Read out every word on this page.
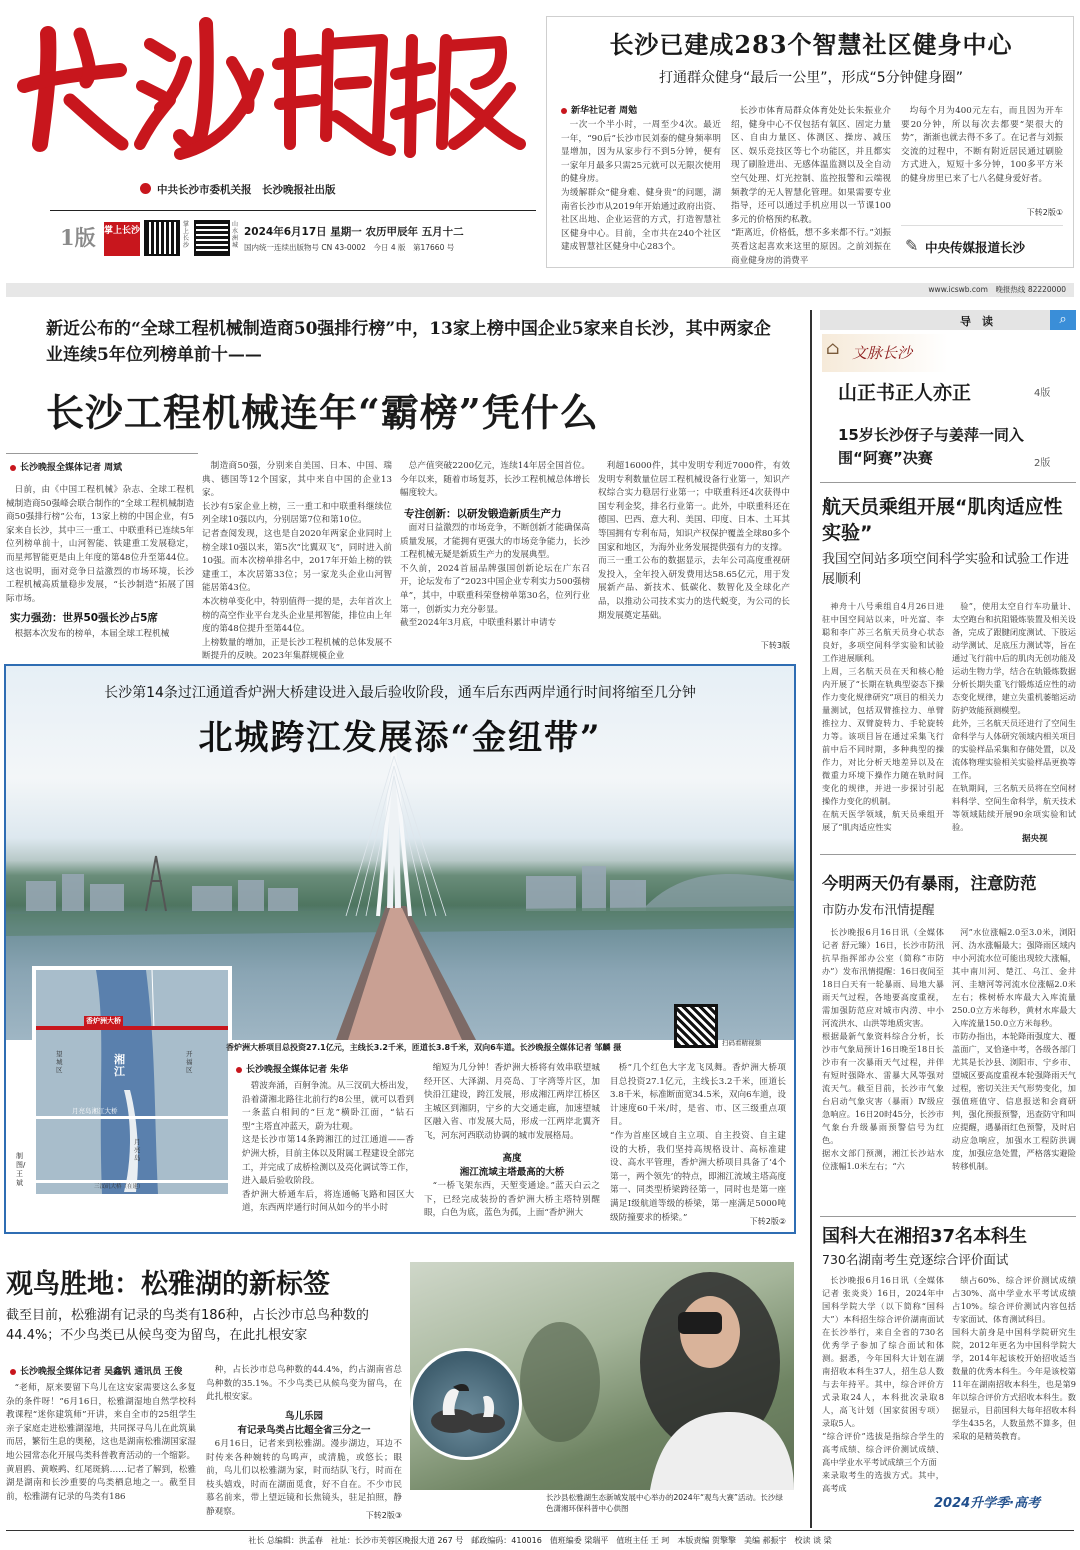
中共长沙市委机关报　长沙晚报社出版
1版 掌上长沙
掌上长沙
山水洲城
2024年6月17日 星期一 农历甲辰年 五月十二
国内统一连续出版物号 CN 43-0002　今日 4 版　第17660 号
长沙已建成283个智慧社区健身中心
打通群众健身“最后一公里”，形成“5分钟健身圈”
新华社记者 周勉
一次一个半小时，一周至少4次。最近一年，“90后”长沙市民刘泰的健身频率明显增加，因为从家步行不到5分钟，便有一家年月最多只需25元就可以无限次使用的健身房。
为缓解群众“健身难、健身贵”的问题，湖南省长沙市从2019年开始通过政府出资、社区出地、企业运营的方式，打造智慧社区健身中心。目前，全市共在240个社区建成智慧社区健身中心283个。
长沙市体育局群众体育处处长朱振业介绍，健身中心不仅包括有氧区、固定力量区、自由力量区、体测区、操房、减压区、娱乐竞技区等七个功能区，并且都实现了刷脸进出、无感体温监测以及全自动空气处理、灯光控制、监控报警和云端视频教学的无人智慧化管理。如果需要专业指导，还可以通过手机应用以一节课100多元的价格预约私教。
“距离近，价格低，想不多来都不行。”刘振英看这起喜欢来这里的原因。之前刘振在商业健身房的消费平
均每个月为400元左右，而且因为开车要20分钟，所以每次去都要“架很大的势”，渐渐也就去得不多了。在记者与刘振交流的过程中，不断有附近居民通过刷脸方式进入，短短十多分钟，100多平方米的健身房里已来了七八名健身爱好者。
下转2版①
✎ 中央传媒报道长沙
www.icswb.com　 晚报热线 82220000
新近公布的“全球工程机械制造商50强排行榜”中，13家上榜中国企业5家来自长沙，其中两家企业连续5年位列榜单前十——
长沙工程机械连年“霸榜”凭什么
长沙晚报全媒体记者 周斌
日前，由《中国工程机械》杂志、全球工程机械制造商50强峰会联合制作的“全球工程机械制造商50强排行榜”公布，13家上榜的中国企业，有5家来自长沙，其中三一重工、中联重科已连续5年位列榜单前十，山河智能、铁建重工发展稳定，而星邦智能更是由上年度的第48位升至第44位。这也说明，面对竞争日益激烈的市场环境，长沙工程机械高质量稳步发展，“长沙制造”拓展了国际市场。
实力强劲：世界50强长沙占5席
根据本次发布的榜单，本届全球工程机械
制造商50强，分别来自美国、日本、中国、瑞典、德国等12个国家，其中来自中国的企业13家。
长沙有5家企业上榜，三一重工和中联重科继续位列全球10强以内，分别居第7位和第10位。
记者查阅发现，这也是自2020年两家企业同时上榜全球10强以来，第5次“比翼双飞”，同时进入前10强。而本次榜单排名中，2017年开始上榜的铁建重工，本次居第33位；另一家龙头企业山河智能居第43位。
本次榜单变化中，特别值得一提的是，去年首次上榜的高空作业平台龙头企业星邦智能，排位由上年度的第48位提升至第44位。
上榜数量的增加，正是长沙工程机械的总体发展不断提升的反映。2023年集群规模企业
总产值突破2200亿元，连续14年居全国首位。今年以来，随着市场复苏，长沙工程机械总体增长幅度较大。
专注创新：以研发锻造新质生产力
面对日益激烈的市场竞争，不断创新才能确保高质量发展，才能拥有更强大的市场竞争能力，长沙工程机械无疑是新质生产力的发展典型。
不久前，2024首届品牌强国创新论坛在广东召开，论坛发布了“2023中国企业专利实力500强榜单”，其中，中联重科荣登榜单第30名，位列行业第一，创新实力充分彰显。
截至2024年3月底，中联重科累计申请专
利超16000件，其中发明专利近7000件，有效发明专利数量位居工程机械设备行业第一，知识产权综合实力稳居行业第一；中联重科还4次获得中国专利金奖，排名行业第一。此外，中联重科还在德国、巴西、意大利、美国、印度、日本、土耳其等国拥有专利布局，知识产权保护覆盖全球80多个国家和地区，为海外业务发展提供强有力的支撑。
而三一重工公布的数据显示，去年公司高度重视研发投入，全年投入研发费用达58.65亿元，用于发展新产品、新技术、低碳化、数智化及全球化产品，以推动公司技术实力的迭代蜕变，为公司的长期发展奠定基础。
下转3版
长沙第14条过江通道香炉洲大桥建设进入最后验收阶段，通车后东西两岸通行时间将缩至几分钟
北城跨江发展添“金纽带”
香炉洲大桥
湘江
月亮岛湘江大桥
月亮岛
开福区
望城区
三汊矶大桥（在建）
制图/王斌
扫码看精视频
香炉洲大桥项目总投资27.1亿元，主线长3.2千米，匝道长3.8千米，双向6车道。长沙晚报全媒体记者 邹麟 摄
长沙晚报全媒体记者 朱华
碧波奔涌，百舸争流。从三汊矶大桥出发，沿着潇湘北路往北前行约8公里，就可以看到一条蓝白相间的“巨龙”横卧江面，“钻石型”主塔直冲蓝天，蔚为壮观。
这是长沙市第14条跨湘江的过江通道——香炉洲大桥，目前主体以及附属工程建设全部完工，并完成了成桥检测以及亮化调试等工作，进入最后验收阶段。
香炉洲大桥通车后，将连通畅飞路和园区大道，东西两岸通行时间从如今的半小时
缩短为几分钟！香炉洲大桥将有效串联望城经开区、大泽湖、月亮岛、丁字湾等片区，加快沿江建设，跨江发展，形成湘江两岸江桥区主城区到湘阴，宁乡的大交通走廊，加速望城区融入省、市发展大局，形成一江两岸北翼齐飞，河东河西联动协调的城市发展格局。
高度
湘江流域主塔最高的大桥
“一桥飞架东西，天堑变通途。”蓝天白云之下，已经完成装扮的香炉洲大桥主塔特别醒眼，白色为底，蓝色为孤，上面“香炉洲大
桥”几个红色大字龙飞凤舞。香炉洲大桥项目总投资27.1亿元，主线长3.2千米，匝道长3.8千米，标准断面宽34.5米，双向6车道，设计速度60千米/时，是省、市、区三级重点项目。
“作为首座区域自主立项、自主投资、自主建设的大桥，我们坚持高规格设计、高标准建设、高水平管理，香炉洲大桥项目具备了‘4个第一，两个领先’的特点，即湘江流域主塔高度第一、同类型桥梁跨径第一，同时也是第一座满足Ⅰ级航道等级的桥梁，第一座满足5000吨级防撞要求的桥梁。”	下转2版②
观鸟胜地：松雅湖的新标签
截至目前，松雅湖有记录的鸟类有186种，占长沙市总鸟种数的44.4%；不少鸟类已从候鸟变为留鸟，在此扎根安家
长沙晚报全媒体记者 吴鑫钒 通讯员 王俊
“老师，原来要留下鸟儿在这安家需要这么多复杂的条件呀！”6月16日，松雅湖湿地自然学校科教课程“迷你建筑师”开讲，来自全市的25组学生亲子家庭走进松雅湖湿地，共同探寻鸟儿在此筑巢而居，繁衍生息的奥秘，这也是湖南松雅湖国家湿地公园常态化开展鸟类科普教育活动的一个缩影。
黄眉鸥、黄喉鹀、红尾斑鸫……记者了解到，松雅湖是湖南和长沙重要的鸟类栖息地之一。截至目前，松雅湖有记录的鸟类有186
种，占长沙市总鸟种数的44.4%，约占湖南省总鸟种数的35.1%。不少鸟类已从候鸟变为留鸟，在此扎根安家。
鸟儿乐园
有记录鸟类占比超全省三分之一
6月16日，记者来到松雅湖。漫步湖边，耳边不时传来各种婉转的鸟鸣声，或清脆，或悠长；眼前，鸟儿们以松雅湖为家，时而结队飞行，时而在枝头嬉戏，时而在湖面觅食，好不自在。不少市民慕名前来，带上望远镜和长焦镜头，驻足拍照，静静观察。	下转2版③
长沙县松雅湖生态新城发展中心举办的2024年“观鸟大赛”活动。长沙绿色潇湘环保科普中心供图
导　读	⌕
文脉长沙
⌂
山正书正人亦正	4版
15岁长沙伢子与姜萍一同入围“阿赛”决赛	2版
航天员乘组开展“肌肉适应性实验”
我国空间站多项空间科学实验和试验工作进展顺利
神舟十八号乘组自4月26日进驻中国空间站以来，叶光富、李聪和李广苏三名航天员身心状态良好，多项空间科学实验和试验工作进展顺利。
上周，三名航天员在天和核心舱内开展了“长期在轨典型姿态下操作力变化规律研究”项目的相关力量测试，包括双臂推拉力、单臂推拉力、双臂旋转力、手轮旋转力等。该项目旨在通过采集飞行前中后不同时期，多种典型的操作力，对比分析天地差异以及在微重力环境下操作力随在轨时间变化的规律，并进一步探讨引起操作力变化的机制。
在航天医学领域，航天员乘组开展了“肌肉适应性实
验”，使用太空自行车功量计、太空跑台和抗阻锻炼装置及相关设备，完成了跟腱闭度测试、下肢运动学测试、足底压力测试等，旨在通过飞行前中后的肌肉无创功能及运动生物力学，结合在轨锻炼数据分析长期失重飞行锻炼适应性的动态变化规律，建立失重机萎缩运动防护效能预测模型。
此外，三名航天员还进行了空间生命科学与人体研究领域内相关项目的实验样品采集和存储处置，以及流体物理实验相关实验样品更换等工作。
在轨期间，三名航天员将在空间材料科学、空间生命科学，航天技术等领域陆续开展90余项实验和试验。
据央视
今明两天仍有暴雨，注意防范
市防办发布汛情提醒
长沙晚报6月16日讯（全媒体记者 舒元臻）16日，长沙市防汛抗旱指挥部办公室（简称“市防办”）发布汛情提醒：16日夜间至18日白天有一轮暴雨、局地大暴雨天气过程，各地要高度重视，需加强防范应对城市内涝、中小河流洪水、山洪等地质灾害。
根据最新气象资料综合分析，长沙市气象局预计16日晚至18日长沙市有一次暴雨天气过程，并伴有短时强降水、雷暴大风等强对流天气。截至目前，长沙市气象台启动气象灾害（暴雨）Ⅳ级应急响应。16日20时45分，长沙市气象台升级暴雨预警信号为红色。
据水文部门预测，湘江长沙站水位涨幅1.0米左右；“六
河”水位涨幅2.0至3.0米，浏阳河、沩水涨幅最大；强降雨区域内中小河流水位可能出现较大涨幅，其中南川河、楚江、乌江、金井河、圭塘河等河流水位涨幅2.0米左右；株树桥水库最大入库流量250.0立方米每秒，黄材水库最大入库流量150.0立方米每秒。
市防办指出，本轮降雨强度大、覆盖面广，叉恰逢中考，各级各部门尤其是长沙县、浏阳市、宁乡市、望城区要高度重视本轮强降雨天气过程，密切关注天气形势变化，加强值班值守、信息报送和会商研判，强化预报预警，迅查防守和叫应提醒，遇暴雨红色预警，及时启动应急响应，加强水工程防洪调度，加强应急处置，严格落实避险转移机制。
国科大在湘招37名本科生
730名湖南考生竞逐综合评价面试
长沙晚报6月16日讯（全媒体记者 张炎炎）16日，2024年中国科学院大学（以下简称“国科大”）本科招生综合评价湖南面试在长沙举行，来自全省的730名优秀学子参加了综合面试和体测。据悉，今年国科大计划在湖南招收本科生37人，招生总人数与去年持平。其中，综合评价方式录取24人，本科批次录取8人，高飞计划（国家贫困专项）录取5人。
“综合评价”选拔是指综合学生的高考成绩、综合评价测试成绩、高中学业水平考试成绩三个方面
来录取考生的选拔方式。其中，高考成
绩占60%、综合评价测试成绩占30%、高中学业水平考试成绩占10%。综合评价测试内容包括专家面试、体育测试科目。
国科大前身是中国科学院研究生院，2012年更名为中国科学院大学，2014年起该校开始招收适当数量的优秀本科生。今年是该校第11年在湖南招收本科生，也是第9年以综合评价方式招收本科生。数据显示，目前国科大每年招收本科学生435名，人数虽然不算多，但采取的是精英教育。
2024升学季·高考
社长 总编辑：洪孟春　社址：长沙市芙蓉区晚报大道 267 号　邮政编码：410016　值班编委 梁瑞平　值班主任 王 珂　本版责编 贺擎擎　美编 郝振宇　校读 谈 梁
